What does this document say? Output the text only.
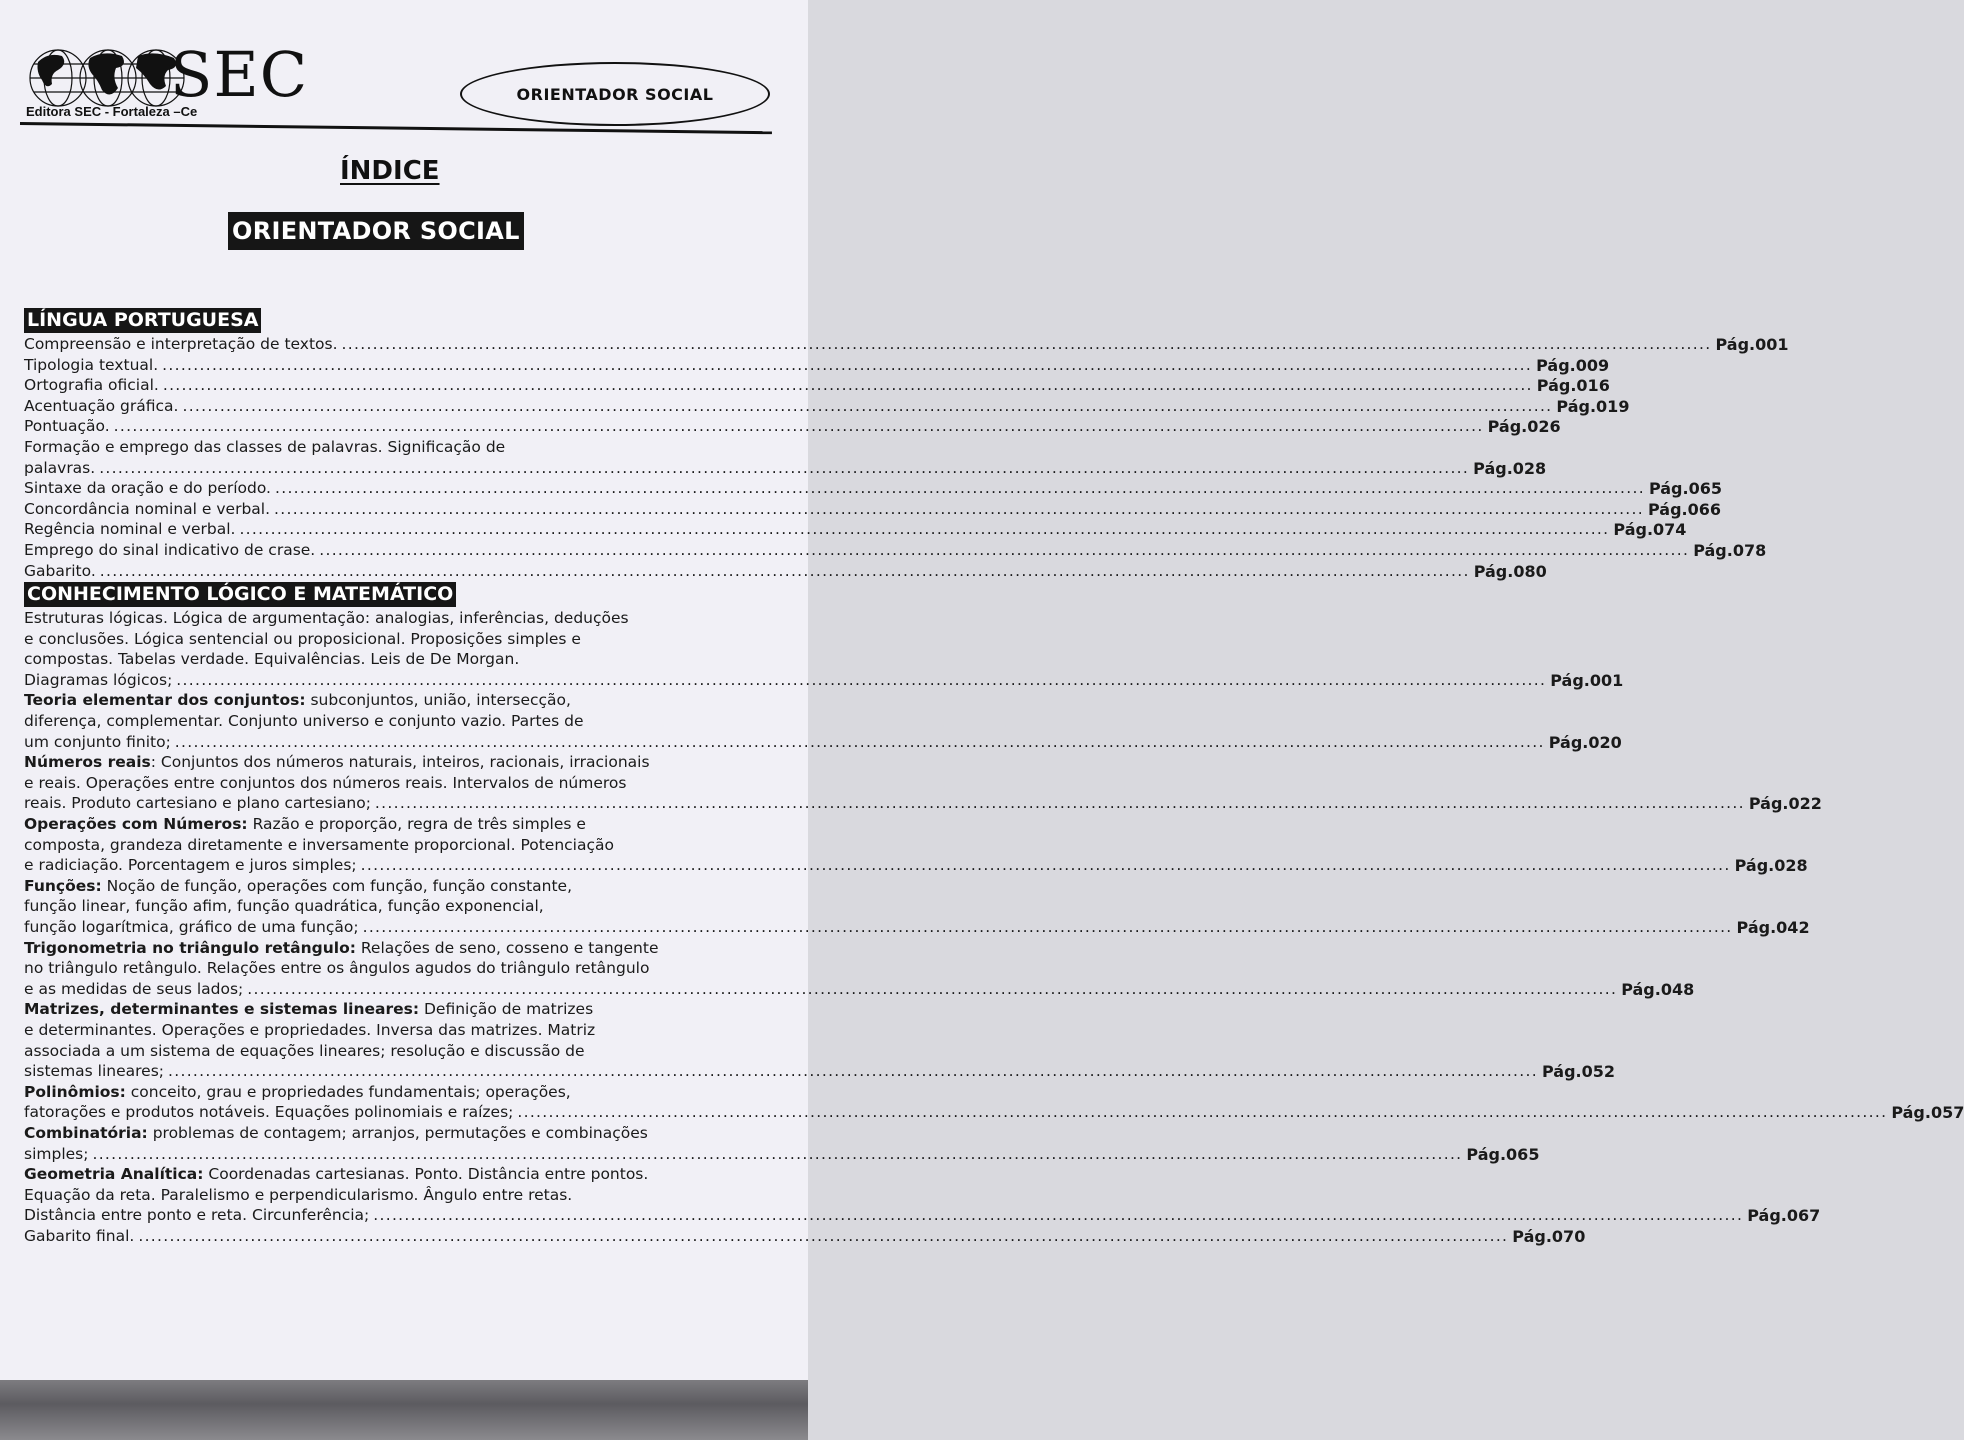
SEC
Editora SEC - Fortaleza –Ce
ORIENTADOR SOCIAL
ÍNDICE
ORIENTADOR SOCIAL
LÍNGUA PORTUGUESA
Compreensão e interpretação de textos. ............................................................................................................................................................................................................................ Pág.001
Tipologia textual. ............................................................................................................................................................................................................................ Pág.009
Ortografia oficial. ............................................................................................................................................................................................................................ Pág.016
Acentuação gráfica. ............................................................................................................................................................................................................................ Pág.019
Pontuação. ............................................................................................................................................................................................................................ Pág.026
Formação e emprego das classes de palavras. Significação de
palavras. ............................................................................................................................................................................................................................ Pág.028
Sintaxe da oração e do período. ............................................................................................................................................................................................................................ Pág.065
Concordância nominal e verbal. ............................................................................................................................................................................................................................ Pág.066
Regência nominal e verbal. ............................................................................................................................................................................................................................ Pág.074
Emprego do sinal indicativo de crase. ............................................................................................................................................................................................................................ Pág.078
Gabarito. ............................................................................................................................................................................................................................ Pág.080
CONHECIMENTO LÓGICO E MATEMÁTICO
Estruturas lógicas. Lógica de argumentação: analogias, inferências, deduções
e conclusões. Lógica sentencial ou proposicional. Proposições simples e
compostas. Tabelas verdade. Equivalências. Leis de De Morgan.
Diagramas lógicos; ............................................................................................................................................................................................................................ Pág.001
Teoria elementar dos conjuntos: subconjuntos, união, intersecção,
diferença, complementar. Conjunto universo e conjunto vazio. Partes de
um conjunto finito; ............................................................................................................................................................................................................................ Pág.020
Números reais: Conjuntos dos números naturais, inteiros, racionais, irracionais
e reais. Operações entre conjuntos dos números reais. Intervalos de números
reais. Produto cartesiano e plano cartesiano; ............................................................................................................................................................................................................................ Pág.022
Operações com Números: Razão e proporção, regra de três simples e
composta, grandeza diretamente e inversamente proporcional. Potenciação
e radiciação. Porcentagem e juros simples; ............................................................................................................................................................................................................................ Pág.028
Funções: Noção de função, operações com função, função constante,
função linear, função afim, função quadrática, função exponencial,
função logarítmica, gráfico de uma função; ............................................................................................................................................................................................................................ Pág.042
Trigonometria no triângulo retângulo: Relações de seno, cosseno e tangente
no triângulo retângulo. Relações entre os ângulos agudos do triângulo retângulo
e as medidas de seus lados; ............................................................................................................................................................................................................................ Pág.048
Matrizes, determinantes e sistemas lineares: Definição de matrizes
e determinantes. Operações e propriedades. Inversa das matrizes. Matriz
associada a um sistema de equações lineares; resolução e discussão de
sistemas lineares; ............................................................................................................................................................................................................................ Pág.052
Polinômios: conceito, grau e propriedades fundamentais; operações,
fatorações e produtos notáveis. Equações polinomiais e raízes; ............................................................................................................................................................................................................................ Pág.057
Combinatória: problemas de contagem; arranjos, permutações e combinações
simples; ............................................................................................................................................................................................................................ Pág.065
Geometria Analítica: Coordenadas cartesianas. Ponto. Distância entre pontos.
Equação da reta. Paralelismo e perpendicularismo. Ângulo entre retas.
Distância entre ponto e reta. Circunferência; ............................................................................................................................................................................................................................ Pág.067
Gabarito final. ............................................................................................................................................................................................................................ Pág.070
